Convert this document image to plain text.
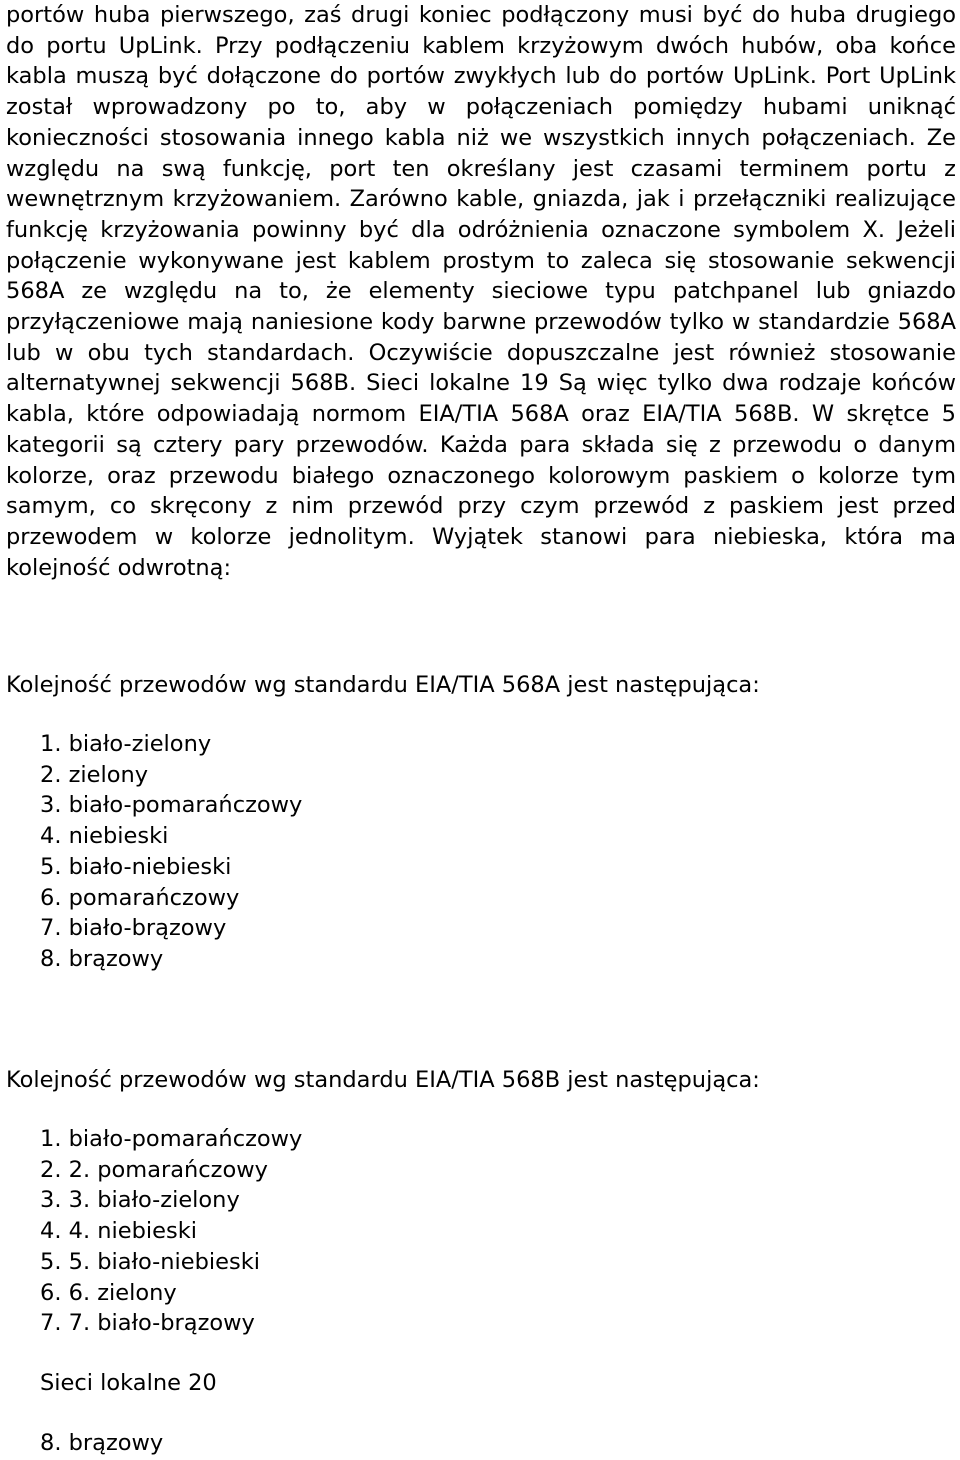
portów huba pierwszego, zaś drugi koniec podłączony musi być do huba drugiego do portu UpLink. Przy podłączeniu kablem krzyżowym dwóch hubów, oba końce kabla muszą być dołączone do portów zwykłych lub do portów UpLink. Port UpLink został wprowadzony po to, aby w połączeniach pomiędzy hubami uniknąć konieczności stosowania innego kabla niż we wszystkich innych połączeniach. Ze względu na swą funkcję, port ten określany jest czasami terminem portu z wewnętrznym krzyżowaniem. Zarówno kable, gniazda, jak i przełączniki realizujące funkcję krzyżowania powinny być dla odróżnienia oznaczone symbolem X. Jeżeli połączenie wykonywane jest kablem prostym to zaleca się stosowanie sekwencji 568A ze względu na to, że elementy sieciowe typu patchpanel lub gniazdo przyłączeniowe mają naniesione kody barwne przewodów tylko w standardzie 568A lub w obu tych standardach. Oczywiście dopuszczalne jest również stosowanie alternatywnej sekwencji 568B. Sieci lokalne 19 Są więc tylko dwa rodzaje końców kabla, które odpowiadają normom EIA/TIA 568A oraz EIA/TIA 568B. W skrętce 5 kategorii są cztery pary przewodów. Każda para składa się z przewodu o danym kolorze, oraz przewodu białego oznaczonego kolorowym paskiem o kolorze tym samym, co skręcony z nim przewód przy czym przewód z paskiem jest przed przewodem w kolorze jednolitym. Wyjątek stanowi para niebieska, która ma kolejność odwrotną:

Kolejność przewodów wg standardu EIA/TIA 568A jest następująca:

1. biało-zielony
2. zielony
3. biało-pomarańczowy
4. niebieski
5. biało-niebieski
6. pomarańczowy
7. biało-brązowy
8. brązowy

Kolejność przewodów wg standardu EIA/TIA 568B jest następująca:

1. biało-pomarańczowy
2. 2. pomarańczowy
3. 3. biało-zielony
4. 4. niebieski
5. 5. biało-niebieski
6. 6. zielony
7. 7. biało-brązowy

Sieci lokalne 20

8. brązowy
